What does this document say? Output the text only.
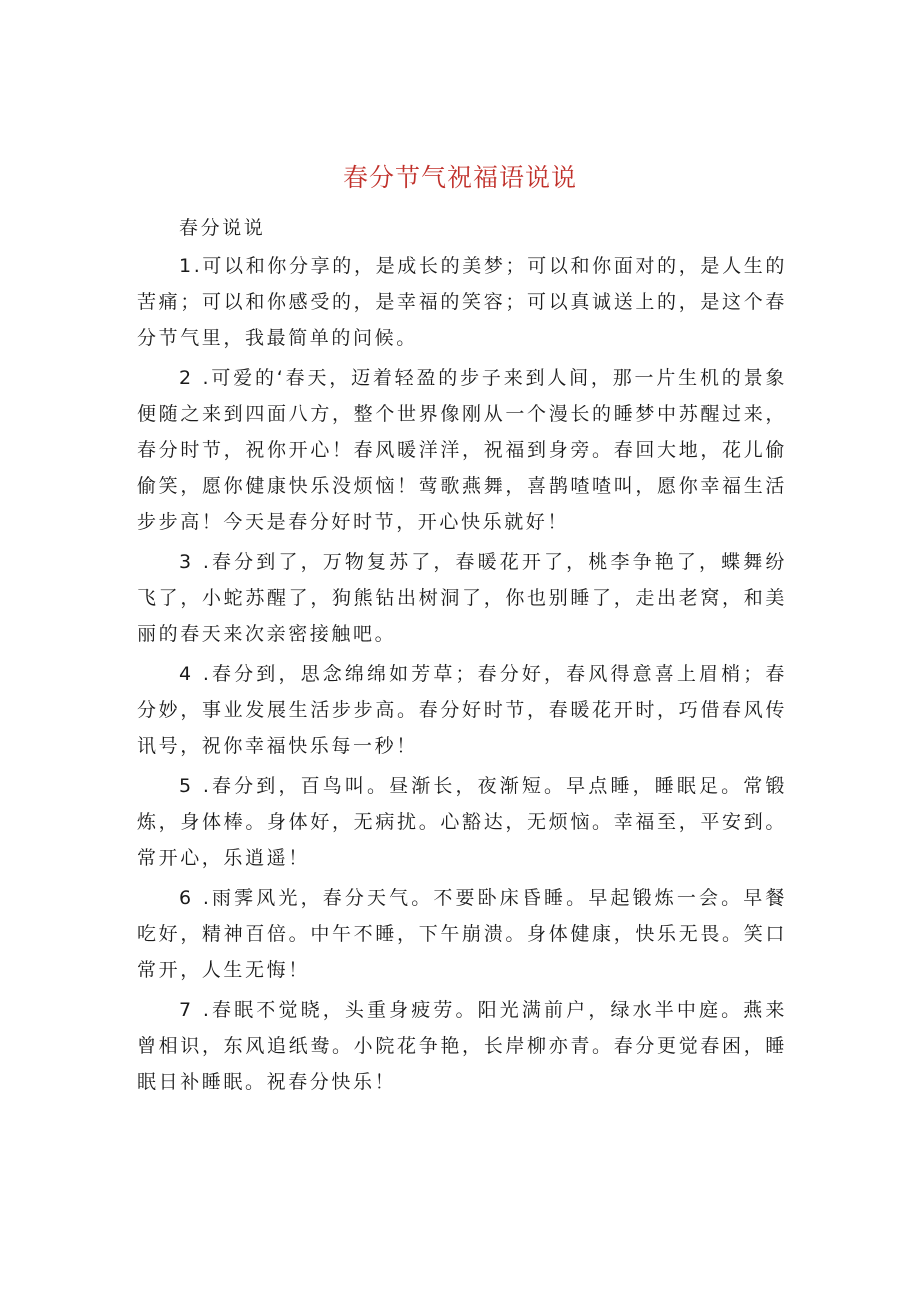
春分节气祝福语说说

春分说说

1.可以和你分享的，是成长的美梦；可以和你面对的，是人生的苦痛；可以和你感受的，是幸福的笑容；可以真诚送上的，是这个春分节气里，我最简单的问候。

2 .可爱的‘春天，迈着轻盈的步子来到人间，那一片生机的景象便随之来到四面八方，整个世界像刚从一个漫长的睡梦中苏醒过来，春分时节，祝你开心！春风暖洋洋，祝福到身旁。春回大地，花儿偷偷笑，愿你健康快乐没烦恼！莺歌燕舞，喜鹊喳喳叫，愿你幸福生活步步高！今天是春分好时节，开心快乐就好！

3 .春分到了，万物复苏了，春暖花开了，桃李争艳了，蝶舞纷飞了，小蛇苏醒了，狗熊钻出树洞了，你也别睡了，走出老窝，和美丽的春天来次亲密接触吧。

4 .春分到，思念绵绵如芳草；春分好，春风得意喜上眉梢；春分妙，事业发展生活步步高。春分好时节，春暖花开时，巧借春风传讯号，祝你幸福快乐每一秒！

5 .春分到，百鸟叫。昼渐长，夜渐短。早点睡，睡眠足。常锻炼，身体棒。身体好，无病扰。心豁达，无烦恼。幸福至，平安到。常开心，乐逍遥！

6 .雨霁风光，春分天气。不要卧床昏睡。早起锻炼一会。早餐吃好，精神百倍。中午不睡，下午崩溃。身体健康，快乐无畏。笑口常开，人生无悔！

7 .春眠不觉晓，头重身疲劳。阳光满前户，绿水半中庭。燕来曾相识，东风追纸鸯。小院花争艳，长岸柳亦青。春分更觉春困，睡眠日补睡眠。祝春分快乐！
